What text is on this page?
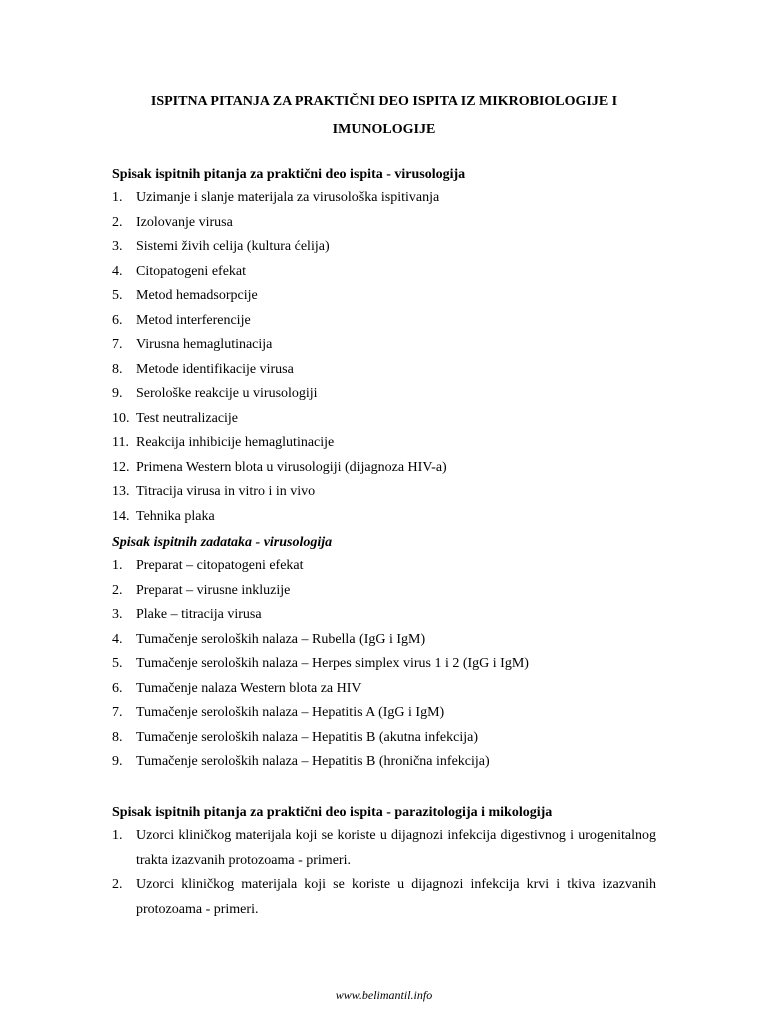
ISPITNA PITANJA ZA PRAKTIČNI DEO ISPITA IZ MIKROBIOLOGIJE I
IMUNOLOGIJE
Spisak ispitnih pitanja za praktični deo ispita - virusologija
1. Uzimanje i slanje materijala za virusološka ispitivanja
2. Izolovanje virusa
3. Sistemi živih celija (kultura ćelija)
4. Citopatogeni efekat
5. Metod hemadsorpcije
6. Metod interferencije
7. Virusna hemaglutinacija
8. Metode identifikacije virusa
9. Serološke reakcije u virusologiji
10. Test neutralizacije
11. Reakcija inhibicije hemaglutinacije
12. Primena Western blota u virusologiji (dijagnoza HIV-a)
13. Titracija virusa in vitro i in vivo
14. Tehnika plaka
Spisak ispitnih zadataka - virusologija
1. Preparat – citopatogeni efekat
2. Preparat – virusne inkluzije
3. Plake – titracija virusa
4. Tumačenje seroloških nalaza – Rubella (IgG i IgM)
5. Tumačenje seroloških nalaza – Herpes simplex virus 1 i 2 (IgG i IgM)
6. Tumačenje nalaza Western blota za HIV
7. Tumačenje seroloških nalaza – Hepatitis A (IgG i IgM)
8. Tumačenje seroloških nalaza – Hepatitis B (akutna infekcija)
9. Tumačenje seroloških nalaza – Hepatitis B (hronična infekcija)
Spisak ispitnih pitanja za praktični deo ispita - parazitologija i mikologija
1. Uzorci kliničkog materijala koji se koriste u dijagnozi infekcija digestivnog i urogenitalnog trakta izazvanih protozoama - primeri.
2. Uzorci kliničkog materijala koji se koriste u dijagnozi infekcija krvi i tkiva izazvanih protozoama - primeri.
www.belimantil.info
